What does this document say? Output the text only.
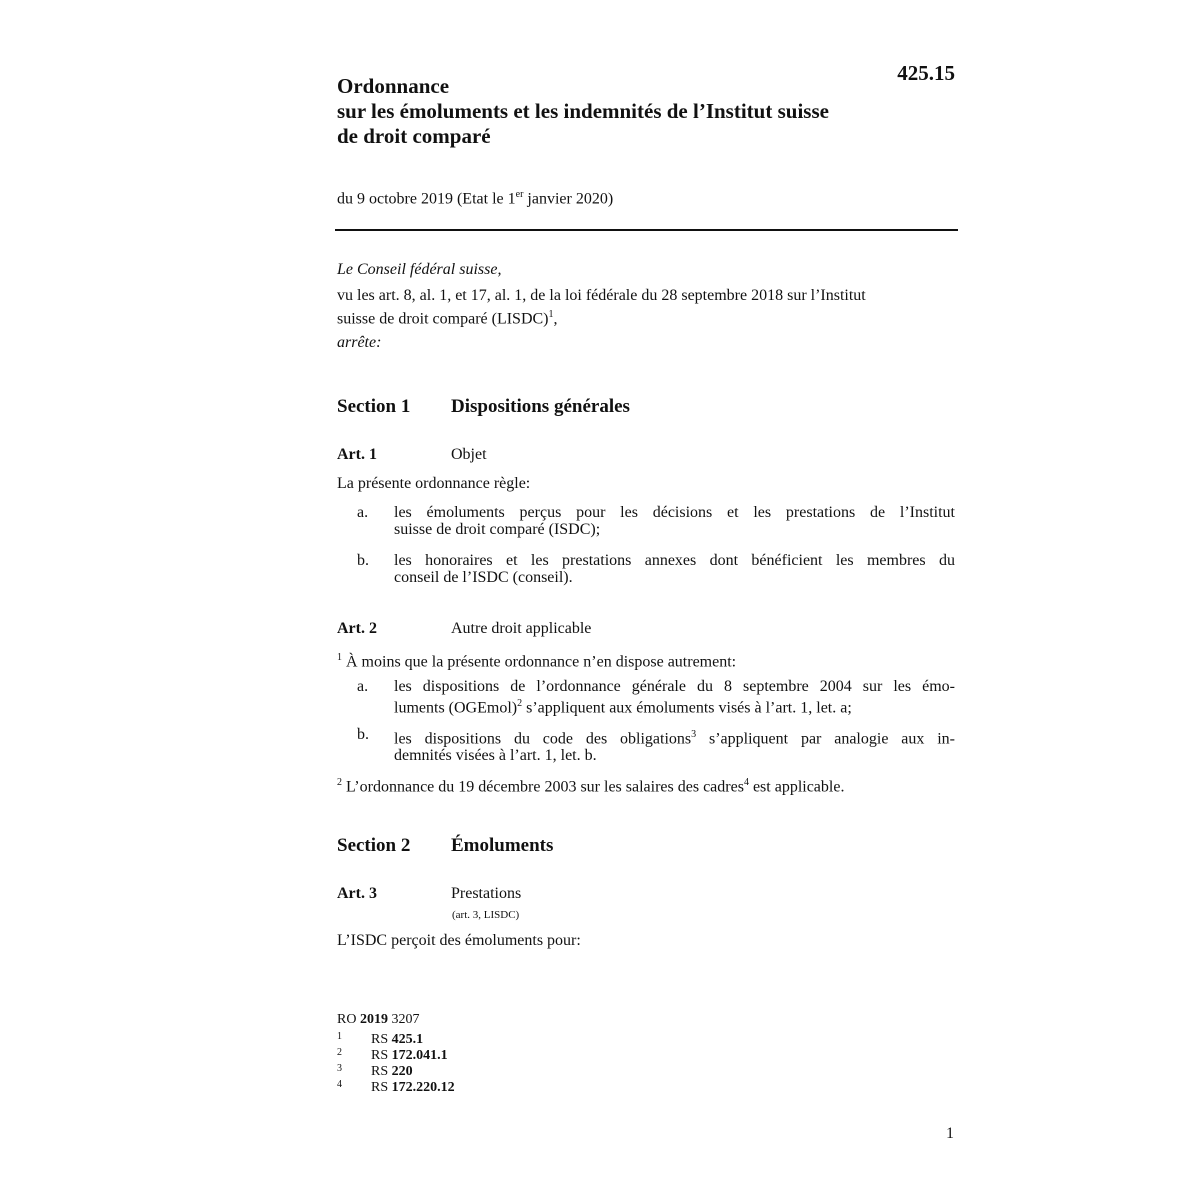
425.15
Ordonnance
sur les émoluments et les indemnités de l’Institut suisse
de droit comparé
du 9 octobre 2019 (Etat le 1er janvier 2020)
Le Conseil fédéral suisse,
vu les art. 8, al. 1, et 17, al. 1, de la loi fédérale du 28 septembre 2018 sur l’Institut
suisse de droit comparé (LISDC)$^1$,
arrête:
Section 1 Dispositions générales
Art. 1	Objet
La présente ordonnance règle:
a. les émoluments perçus pour les décisions et les prestations de l’Institut
suisse de droit comparé (ISDC);
b. les honoraires et les prestations annexes dont bénéficient les membres du
conseil de l’ISDC (conseil).
Art. 2	Autre droit applicable
$^1$ À moins que la présente ordonnance n’en dispose autrement:
a. les dispositions de l’ordonnance générale du 8 septembre 2004 sur les émo-
luments (OGEmol)$^2$ s’appliquent aux émoluments visés à l’art. 1, let. a;
b. les dispositions du code des obligations$^3$ s’appliquent par analogie aux in-
demnités visées à l’art. 1, let. b.
$^2$ L’ordonnance du 19 décembre 2003 sur les salaires des cadres$^4$ est applicable.
Section 2 Émoluments
Art. 3	Prestations
(art. 3, LISDC)
L’ISDC perçoit des émoluments pour:
RO 2019 3207
1 RS 425.1
2 RS 172.041.1
3 RS 220
4 RS 172.220.12
1
